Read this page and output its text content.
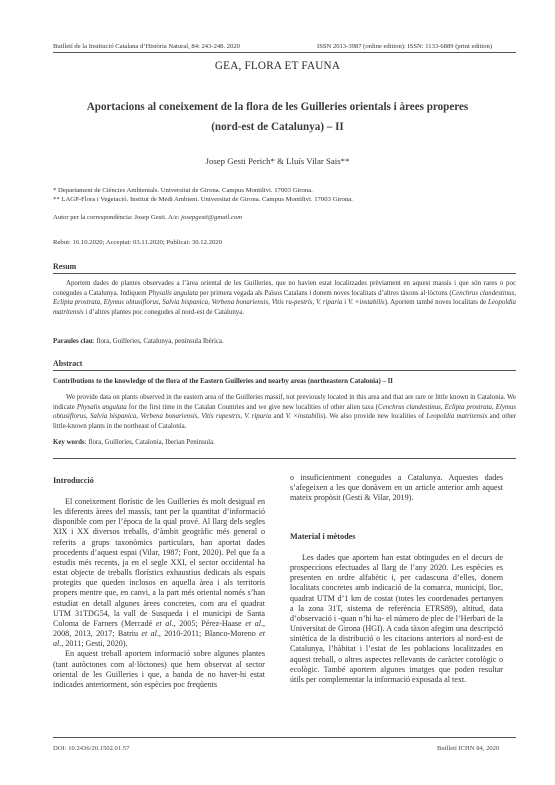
Butlletí de la Institució Catalana d’Història Natural, 84: 243-248. 2020	ISSN 2013-3987 (online edition): ISSN: 1133-6889 (print edition)
GEA, FLORA ET FAUNA
Aportacions al coneixement de la flora de les Guilleries orientals i àrees properes
(nord-est de Catalunya) – II
Josep Gesti Perich* & Lluís Vilar Sais**
* Departament de Ciències Ambientals. Universitat de Girona. Campus Montilivi. 17003 Girona.
** LAGP-Flora i Vegetació. Institut de Medi Ambient. Universitat de Girona. Campus Montilivi. 17003 Girona.
Autor per la correspondència: Josep Gesti. A/e: josepgesti@gmail.com
Rebut: 16.10.2020; Acceptat: 03.11.2020; Publicat: 30.12.2020
Resum

Aportem dades de plantes observades a l’àrea oriental de les Guilleries, que no havien estat localitzades prèviament en aquest massís i que són rares o poc conegudes a Catalunya. Indiquem Physalis angulata per primera vegada als Països Catalans i donem noves localitats d’altres tàxons al·lòctons (Cenchrus clandestinus, Eclipta prostrata, Elymus obtusiflorus, Salvia hispanica, Verbena bonariensis, Vitis ru-pestris, V. riparia i V. ×instabilis). Aportem també noves localitats de Leopoldia matritensis i d’altres plantes poc conegudes al nord-est de Catalunya.

Paraules clau: flora, Guilleries, Catalunya, península Ibèrica.
Abstract
Contributions to the knowledge of the flora of the Eastern Guilleries and nearby areas (northeastern Catalonia) – II

We provide data on plants observed in the eastern area of the Guilleries massif, not previously located in this area and that are rare or little known in Catalonia. We indicate Physalis angulata for the first time in the Catalan Countries and we give new localities of other alien taxa (Cenchrus clandestinus, Eclipta prostrata, Elymus obtusiflorus, Salvia hispanica, Verbena bonariensis, Vitis rupestris, V. riparia and V. ×instabilis). We also provide new localities of Leopoldia matritensis and other little-known plants in the northeast of Catalonia.

Key words: flora, Guilleries, Catalonia, Iberian Peninsula.
Introducció

El coneixement florístic de les Guilleries és molt desigual en les diferents àrees del massís, tant per la quantitat d’informació disponible com per l’època de la qual prové. Al llarg dels segles XIX i XX diversos treballs, d’àmbit geogràfic més general o referits a grups taxonòmics particulars, han aportat dades procedents d’aquest espai (Vilar, 1987; Font, 2020). Pel que fa a estudis més recents, ja en el segle XXI, el sector occidental ha estat objecte de treballs florístics exhaustius dedicats als espais protegits que queden inclosos en aquella àrea i als territoris propers mentre que, en canvi, a la part més oriental només s’han estudiat en detall algunes àrees concretes, com ara el quadrat UTM 31TDG54, la vall de Susqueda i el municipi de Santa Coloma de Farners (Mercadé et al., 2005; Pérez-Haase et al., 2008, 2013, 2017; Batriu et al., 2010-2011; Blanco-Moreno et al., 2011; Gesti, 2020).

En aquest treball aportem informació sobre algunes plantes (tant autòctones com al·lòctones) que hem observat al sector oriental de les Guilleries i que, a banda de no haver-hi estat indicades anteriorment, són espècies poc freqüents

o insuficientment conegudes a Catalunya. Aquestes dades s’afegeixen a les que donàvem en un article anterior amb aquest mateix propòsit (Gesti & Vilar, 2019).

Material i mètodes

Les dades que aportem han estat obtingudes en el decurs de prospeccions efectuades al llarg de l’any 2020. Les espècies es presenten en ordre alfabètic i, per cadascuna d’elles, donem localitats concretes amb indicació de la comarca, municipi, lloc, quadrat UTM d’1 km de costat (totes les coordenades pertanyen a la zona 31T, sistema de referència ETRS89), altitud, data d’observació i -quan n’hi ha- el número de plec de l’Herbari de la Universitat de Girona (HGI). A cada tàxon afegim una descripció sintètica de la distribució o les citacions anteriors al nord-est de Catalunya, l’hàbitat i l’estat de les poblacions localitzades en aquest treball, o altres aspectes rellevants de caràcter corològic o ecològic. També aportem algunes imatges que poden resultar útils per complementar la informació exposada al text.

DOI: 10.2436/20.1502.01.57	Butlletí ICHN 84, 2020
